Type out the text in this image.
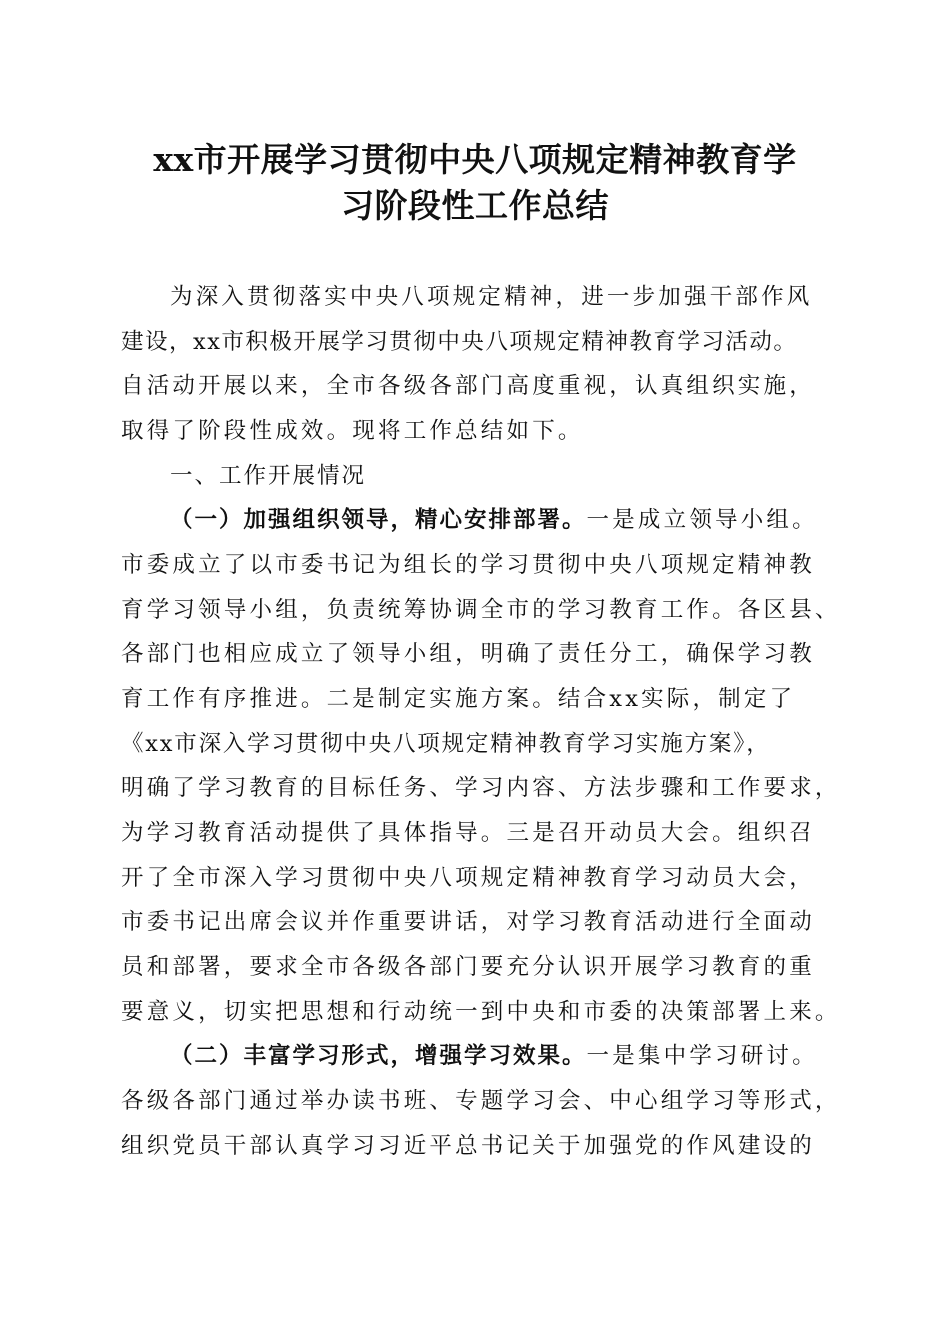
xx市开展学习贯彻中央八项规定精神教育学
习阶段性工作总结

为深入贯彻落实中央八项规定精神，进一步加强干部作风

建设，xx市积极开展学习贯彻中央八项规定精神教育学习活动。

自活动开展以来，全市各级各部门高度重视，认真组织实施，

取得了阶段性成效。现将工作总结如下。

一、工作开展情况

（一）加强组织领导，精心安排部署。一是成立领导小组。

市委成立了以市委书记为组长的学习贯彻中央八项规定精神教

育学习领导小组，负责统筹协调全市的学习教育工作。各区县、

各部门也相应成立了领导小组，明确了责任分工，确保学习教

育工作有序推进。二是制定实施方案。结合xx实际，制定了

《xx市深入学习贯彻中央八项规定精神教育学习实施方案》，

明确了学习教育的目标任务、学习内容、方法步骤和工作要求，

为学习教育活动提供了具体指导。三是召开动员大会。组织召

开了全市深入学习贯彻中央八项规定精神教育学习动员大会，

市委书记出席会议并作重要讲话，对学习教育活动进行全面动

员和部署，要求全市各级各部门要充分认识开展学习教育的重

要意义，切实把思想和行动统一到中央和市委的决策部署上来。

（二）丰富学习形式，增强学习效果。一是集中学习研讨。

各级各部门通过举办读书班、专题学习会、中心组学习等形式，

组织党员干部认真学习习近平总书记关于加强党的作风建设的
